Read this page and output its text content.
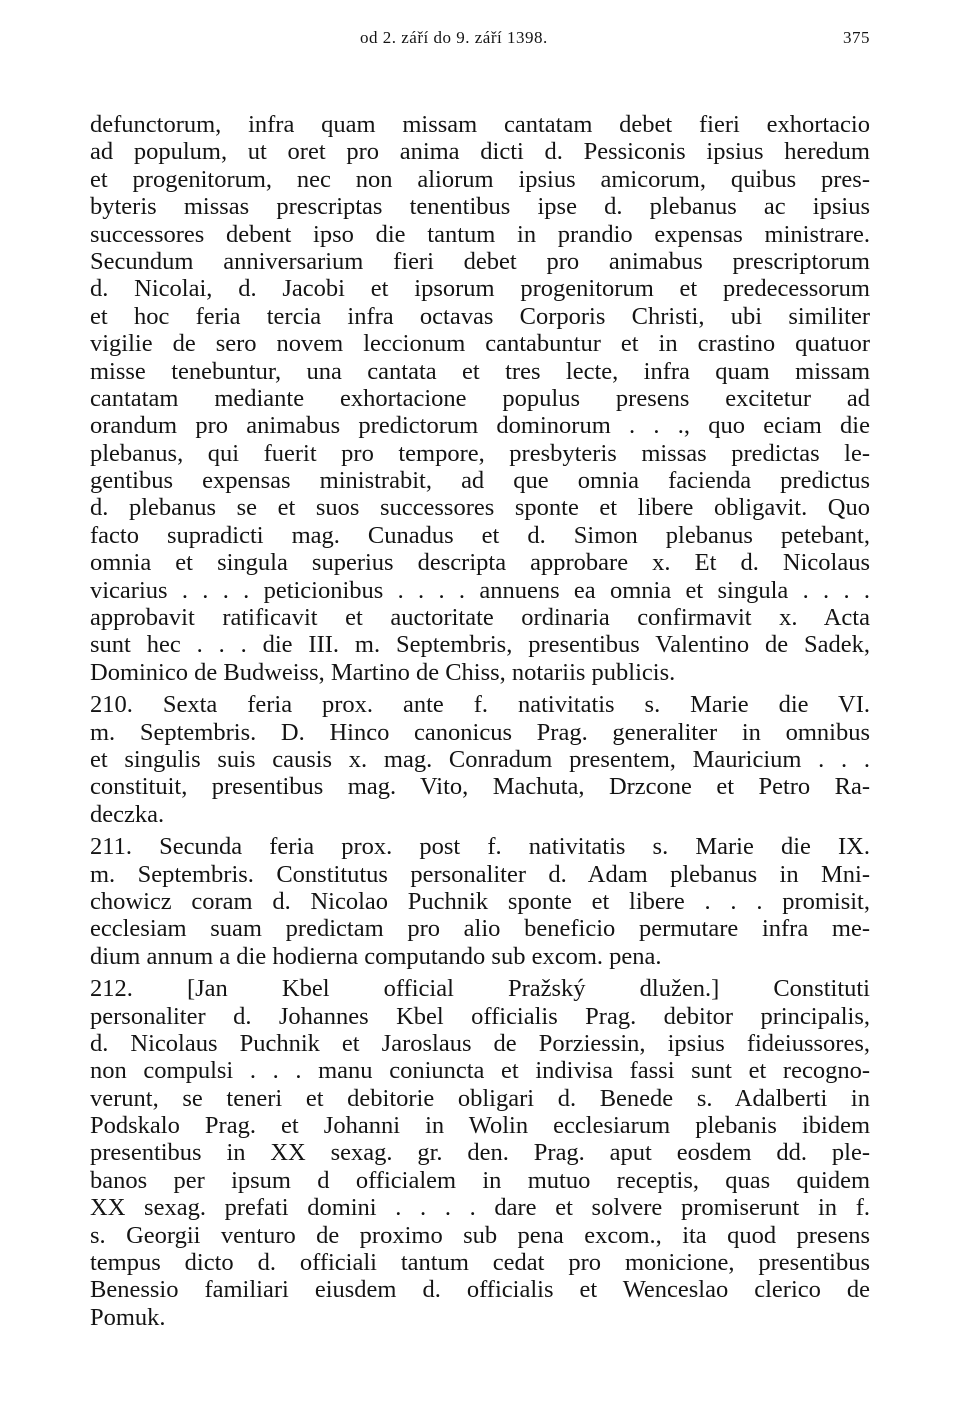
od 2. září do 9. září 1398.	375
defunctorum, infra quam missam cantatam debet fieri exhortacio
ad populum, ut oret pro anima dicti d. Pessiconis ipsius heredum
et progenitorum, nec non aliorum ipsius amicorum, quibus pres-
byteris missas prescriptas tenentibus ipse d. plebanus ac ipsius
successores debent ipso die tantum in prandio expensas ministrare.
Secundum anniversarium fieri debet pro animabus prescriptorum
d. Nicolai, d. Jacobi et ipsorum progenitorum et predecessorum
et hoc feria tercia infra octavas Corporis Christi, ubi similiter
vigilie de sero novem leccionum cantabuntur et in crastino quatuor
misse tenebuntur, una cantata et tres lecte, infra quam missam
cantatam mediante exhortacione populus presens excitetur ad
orandum pro animabus predictorum dominorum . . ., quo eciam die
plebanus, qui fuerit pro tempore, presbyteris missas predictas le-
gentibus expensas ministrabit, ad que omnia facienda predictus
d. plebanus se et suos successores sponte et libere obligavit. Quo
facto supradicti mag. Cunadus et d. Simon plebanus petebant,
omnia et singula superius descripta approbare x. Et d. Nicolaus
vicarius . . . . peticionibus . . . . annuens ea omnia et singula . . . .
approbavit ratificavit et auctoritate ordinaria confirmavit x. Acta
sunt hec . . . die III. m. Septembris, presentibus Valentino de Sadek,
Dominico de Budweiss, Martino de Chiss, notariis publicis.
210. Sexta feria prox. ante f. nativitatis s. Marie die VI.
m. Septembris. D. Hinco canonicus Prag. generaliter in omnibus
et singulis suis causis x. mag. Conradum presentem, Mauricium . . .
constituit, presentibus mag. Vito, Machuta, Drzcone et Petro Ra-
deczka.
211. Secunda feria prox. post f. nativitatis s. Marie die IX.
m. Septembris. Constitutus personaliter d. Adam plebanus in Mni-
chowicz coram d. Nicolao Puchnik sponte et libere . . . promisit,
ecclesiam suam predictam pro alio beneficio permutare infra me-
dium annum a die hodierna computando sub excom. pena.
212. [Jan Kbel official Pražský dlužen.] Constituti
personaliter d. Johannes Kbel officialis Prag. debitor principalis,
d. Nicolaus Puchnik et Jaroslaus de Porziessin, ipsius fideiussores,
non compulsi . . . manu coniuncta et indivisa fassi sunt et recogno-
verunt, se teneri et debitorie obligari d. Benede s. Adalberti in
Podskalo Prag. et Johanni in Wolin ecclesiarum plebanis ibidem
presentibus in XX sexag. gr. den. Prag. aput eosdem dd. ple-
banos per ipsum d officialem in mutuo receptis, quas quidem
XX sexag. prefati domini . . . . dare et solvere promiserunt in f.
s. Georgii venturo de proximo sub pena excom., ita quod presens
tempus dicto d. officiali tantum cedat pro monicione, presentibus
Benessio familiari eiusdem d. officialis et Wenceslao clerico de
Pomuk.
